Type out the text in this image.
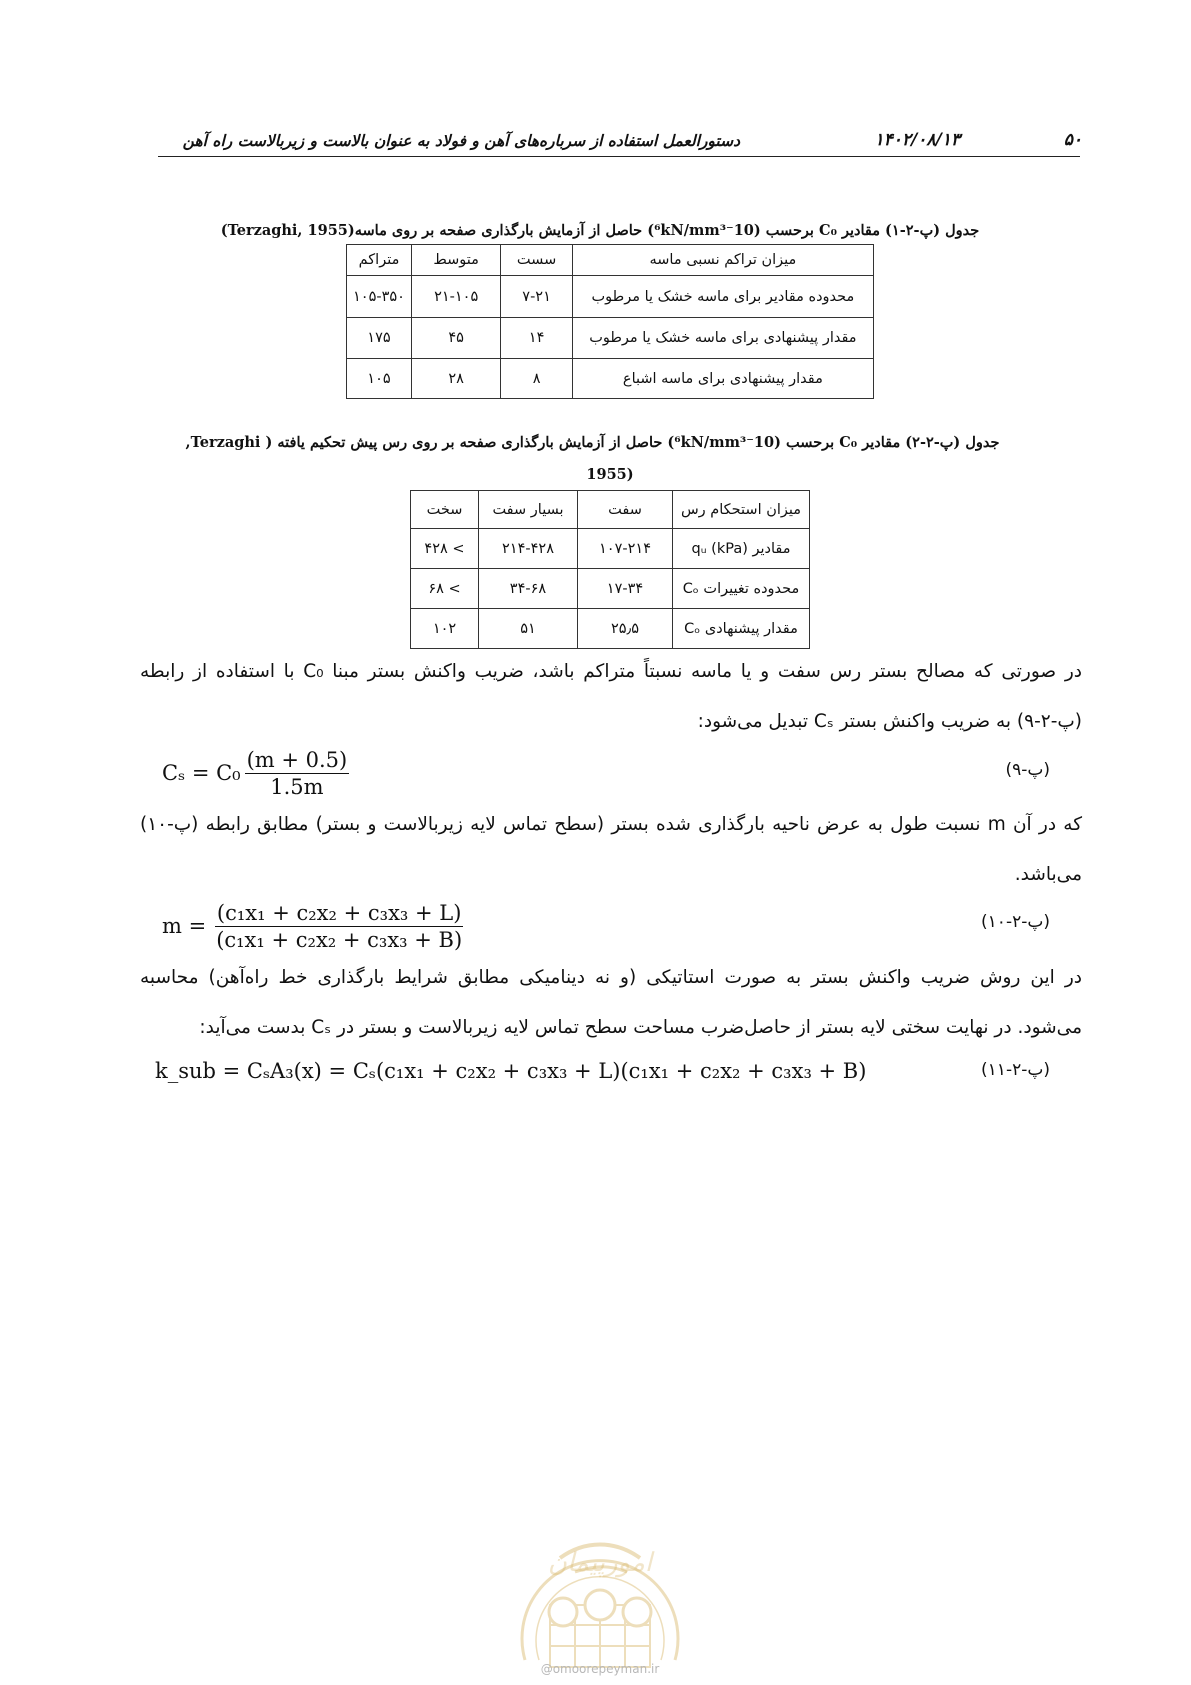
۵۰
۱۴۰۲/۰۸/۱۳
دستورالعمل استفاده از سرباره‌های آهن و فولاد به عنوان بالاست و زیربالاست راه آهن
جدول (پ-۲-۱) مقادیر C₀ برحسب (10⁻⁶kN/mm³) حاصل از آزمایش بارگذاری صفحه بر روی ماسه(Terzaghi, 1955)
میزان تراکم نسبی ماسه	سست	متوسط	متراکم
محدوده مقادیر برای ماسه خشک یا مرطوب	۷-۲۱	۲۱-۱۰۵	۱۰۵-۳۵۰
مقدار پیشنهادی برای ماسه خشک یا مرطوب	۱۴	۴۵	۱۷۵
مقدار پیشنهادی برای ماسه اشباع	۸	۲۸	۱۰۵
جدول (پ-۲-۲) مقادیر C₀ برحسب (10⁻⁶kN/mm³) حاصل از آزمایش بارگذاری صفحه بر روی رس پیش تحکیم یافته ( Terzaghi,
1955)
میزان استحکام رس	سفت	بسیار سفت	سخت
مقادیر qᵤ (kPa)	۱۰۷-۲۱۴	۲۱۴-۴۲۸	> ۴۲۸
محدوده تغییرات Cₒ	۱۷-۳۴	۳۴-۶۸	> ۶۸
مقدار پیشنهادی Cₒ	۲۵٫۵	۵۱	۱۰۲
در صورتی که مصالح بستر رس سفت و یا ماسه نسبتاً متراکم باشد، ضریب واکنش بستر مبنا C₀ با استفاده از رابطه (پ-۲-۹) به ضریب واکنش بستر Cₛ تبدیل می‌شود:
$C_s = C_0 \frac{(m + 0.5)}{1.5m}$	(پ-۹)
که در آن m نسبت طول به عرض ناحیه بارگذاری شده بستر (سطح تماس لایه زیربالاست و بستر) مطابق رابطه (پ-۱۰) می‌باشد.
$m = \frac{\text{(c₁x₁ + c₂x₂ + c₃x₃ + L)}}{\text{(c₁x₁ + c₂x₂ + c₃x₃ + B)}}$	(پ-۲-۱۰)
در این روش ضریب واکنش بستر به صورت استاتیکی (و نه دینامیکی مطابق شرایط بارگذاری خط راه‌آهن) محاسبه می‌شود. در نهایت سختی لایه بستر از حاصل‌ضرب مساحت سطح تماس لایه زیربالاست و بستر در Cₛ بدست می‌آید:
k_sub = CₛA₃(x) = Cₛ(c₁x₁ + c₂x₂ + c₃x₃ + L)(c₁x₁ + c₂x₂ + c₃x₃ + B)	(پ-۲-۱۱)
امورپیمان
@omoorepeyman.ir
